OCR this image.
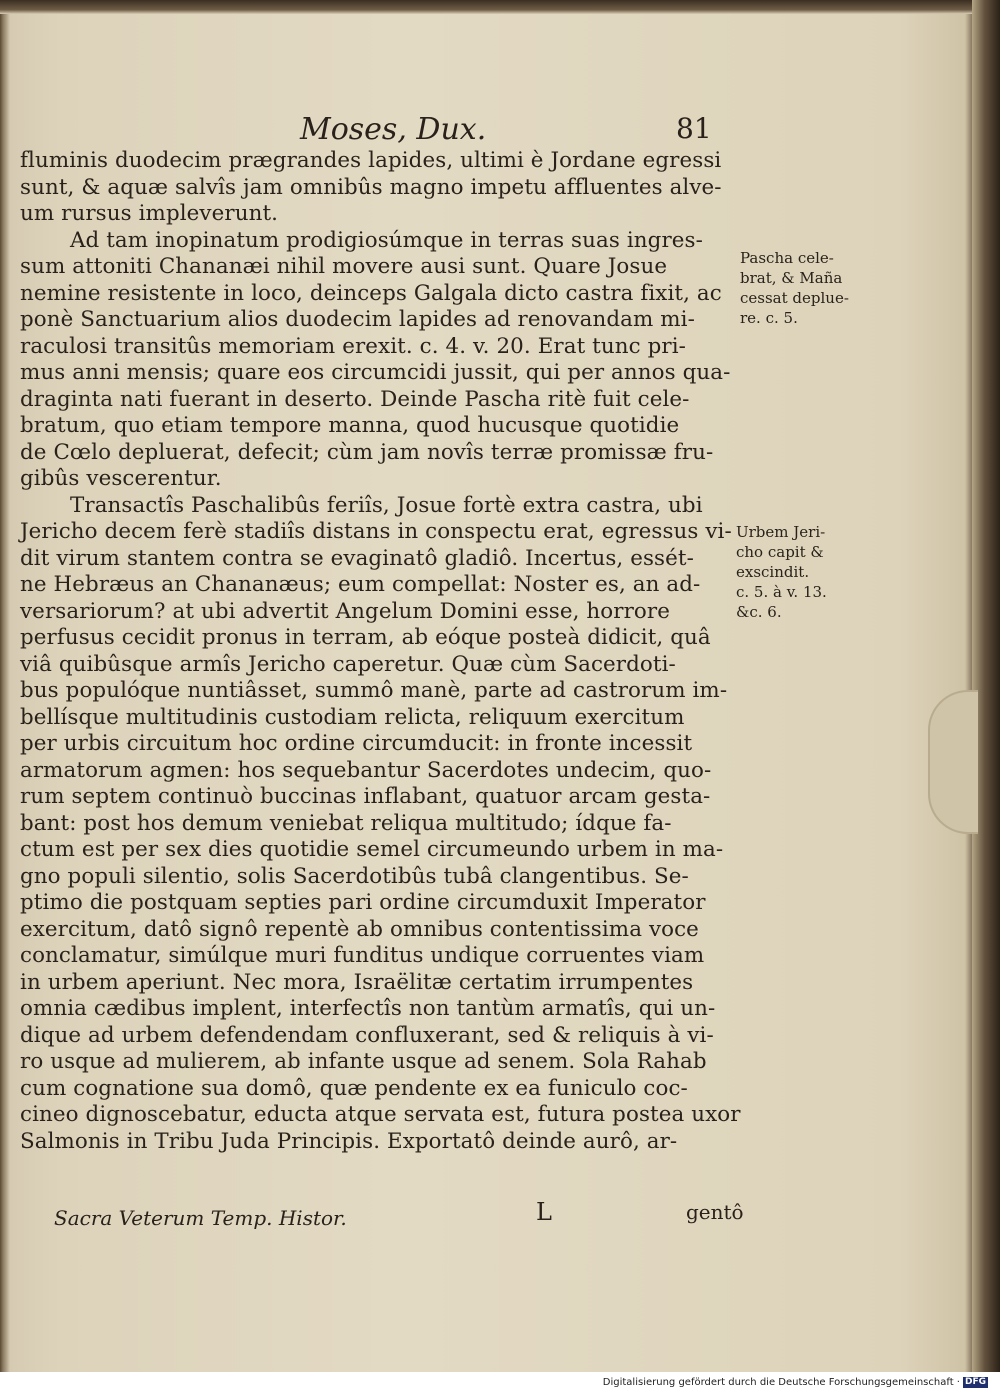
Moses, Dux.	81
fluminis duodecim prægrandes lapides, ultimi è Jordane egressi
sunt, & aquæ salvîs jam omnibûs magno impetu affluentes alve-
um rursus impleverunt.
Ad tam inopinatum prodigiosúmque in terras suas ingres-
sum attoniti Chananæi nihil movere ausi sunt. Quare Josue
nemine resistente in loco, deinceps Galgala dicto castra fixit, ac
ponè Sanctuarium alios duodecim lapides ad renovandam mi-
raculosi transitûs memoriam erexit. c. 4. v. 20. Erat tunc pri-
mus anni mensis; quare eos circumcidi jussit, qui per annos qua-
draginta nati fuerant in deserto. Deinde Pascha ritè fuit cele-
bratum, quo etiam tempore manna, quod hucusque quotidie
de Cœlo depluerat, defecit; cùm jam novîs terræ promissæ fru-
gibûs vescerentur.
Transactîs Paschalibûs feriîs, Josue fortè extra castra, ubi
Jericho decem ferè stadiîs distans in conspectu erat, egressus vi-
dit virum stantem contra se evaginatô gladiô. Incertus, essét-
ne Hebræus an Chananæus; eum compellat: Noster es, an ad-
versariorum? at ubi advertit Angelum Domini esse, horrore
perfusus cecidit pronus in terram, ab eóque posteà didicit, quâ
viâ quibûsque armîs Jericho caperetur. Quæ cùm Sacerdoti-
bus populóque nuntiâsset, summô manè, parte ad castrorum im-
bellísque multitudinis custodiam relicta, reliquum exercitum
per urbis circuitum hoc ordine circumducit: in fronte incessit
armatorum agmen: hos sequebantur Sacerdotes undecim, quo-
rum septem continuò buccinas inflabant, quatuor arcam gesta-
bant: post hos demum veniebat reliqua multitudo; ídque fa-
ctum est per sex dies quotidie semel circumeundo urbem in ma-
gno populi silentio, solis Sacerdotibûs tubâ clangentibus. Se-
ptimo die postquam septies pari ordine circumduxit Imperator
exercitum, datô signô repentè ab omnibus contentissima voce
conclamatur, simúlque muri funditus undique corruentes viam
in urbem aperiunt. Nec mora, Israëlitæ certatim irrumpentes
omnia cædibus implent, interfectîs non tantùm armatîs, qui un-
dique ad urbem defendendam confluxerant, sed & reliquis à vi-
ro usque ad mulierem, ab infante usque ad senem. Sola Rahab
cum cognatione sua domô, quæ pendente ex ea funiculo coc-
cineo dignoscebatur, educta atque servata est, futura postea uxor
Salmonis in Tribu Juda Principis. Exportatô deinde aurô, ar-
Pascha cele-
brat, & Maña
cessat deplue-
re. c. 5.
Urbem Jeri-
cho capit &
exscindit.
c. 5. à v. 13.
&c. 6.
Sacra Veterum Temp. Histor.	L	gentô
Digitalisierung gefördert durch die Deutsche Forschungsgemeinschaft · DFG
